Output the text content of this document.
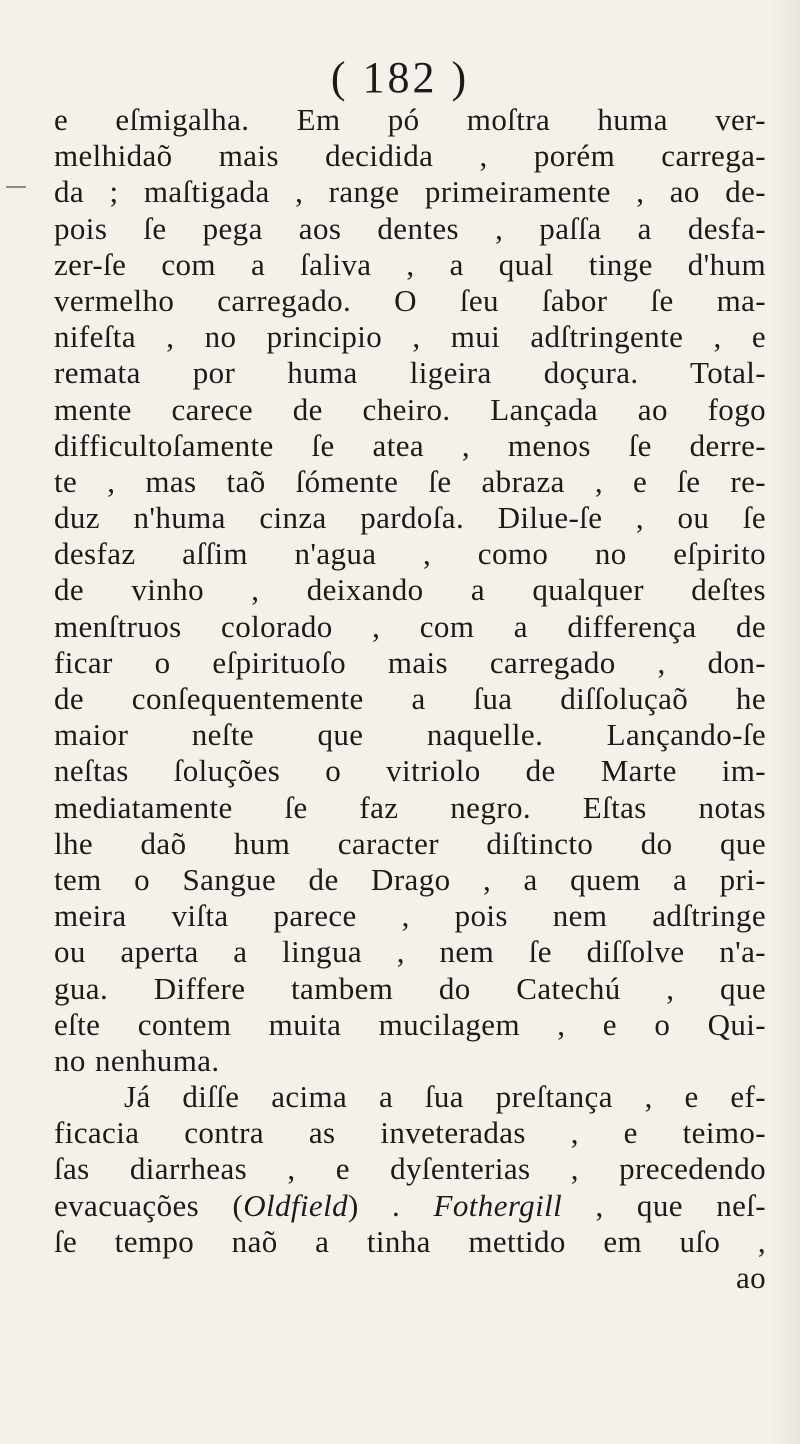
( 182 )
e eſmigalha. Em pó moſtra huma ver-
melhidaõ mais decidida , porém carrega-
da ; maſtigada , range primeiramente , ao de-
pois ſe pega aos dentes , paſſa a desfa-
zer-ſe com a ſaliva , a qual tinge d'hum
vermelho carregado. O ſeu ſabor ſe ma-
nifeſta , no principio , mui adſtringente , e
remata por huma ligeira doçura. Total-
mente carece de cheiro. Lançada ao fogo
difficultoſamente ſe atea , menos ſe derre-
te , mas taõ ſómente ſe abraza , e ſe re-
duz n'huma cinza pardoſa. Dilue-ſe , ou ſe
desfaz aſſim n'agua , como no eſpirito
de vinho , deixando a qualquer deſtes
menſtruos colorado , com a differença de
ficar o eſpirituoſo mais carregado , don-
de conſequentemente a ſua diſſoluçaõ he
maior neſte que naquelle. Lançando-ſe
neſtas ſoluções o vitriolo de Marte im-
mediatamente ſe faz negro. Eſtas notas
lhe daõ hum caracter diſtincto do que
tem o Sangue de Drago , a quem a pri-
meira viſta parece , pois nem adſtringe
ou aperta a lingua , nem ſe diſſolve n'a-
gua. Differe tambem do Catechú , que
eſte contem muita mucilagem , e o Qui-
no nenhuma.
Já diſſe acima a ſua preſtança , e ef-
ficacia contra as inveteradas , e teimo-
ſas diarrheas , e dyſenterias , precedendo
evacuações (Oldfield) . Fothergill , que neſ-
ſe tempo naõ a tinha mettido em uſo ,
ao
